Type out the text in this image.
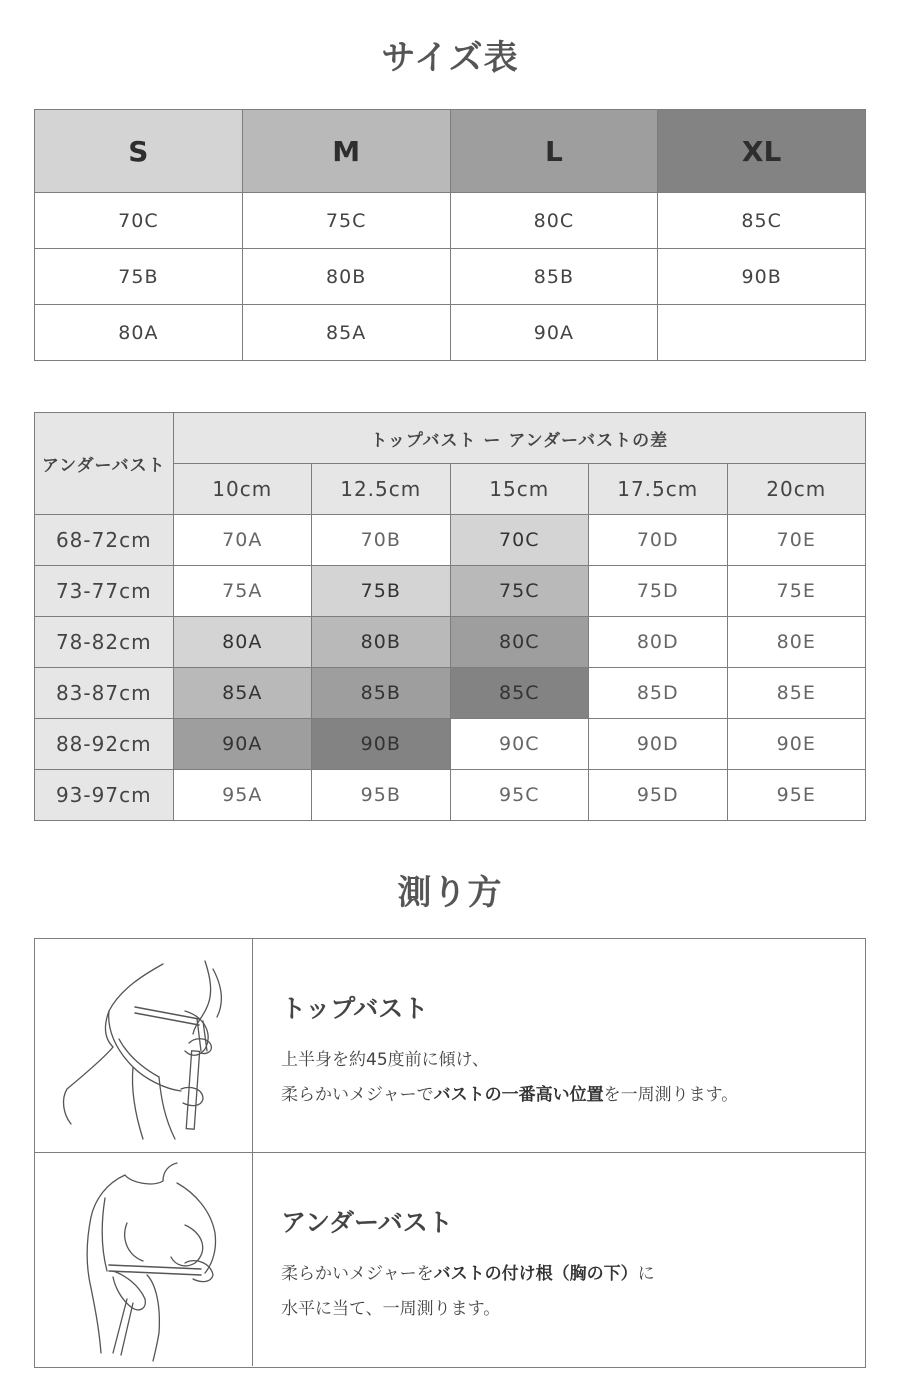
サイズ表
S	M	L	XL
70C	75C	80C	85C
75B	80B	85B	90B
80A	85A	90A	
アンダーバスト	トップバスト ー アンダーバストの差				
	10cm	12.5cm	15cm	17.5cm	20cm
68-72cm	70A	70B	70C	70D	70E
73-77cm	75A	75B	75C	75D	75E
78-82cm	80A	80B	80C	80D	80E
83-87cm	85A	85B	85C	85D	85E
88-92cm	90A	90B	90C	90D	90E
93-97cm	95A	95B	95C	95D	95E
測り方
トップバスト
上半身を約45度前に傾け、
柔らかいメジャーでバストの一番高い位置を一周測ります。
アンダーバスト
柔らかいメジャーをバストの付け根（胸の下）に
水平に当て、一周測ります。
